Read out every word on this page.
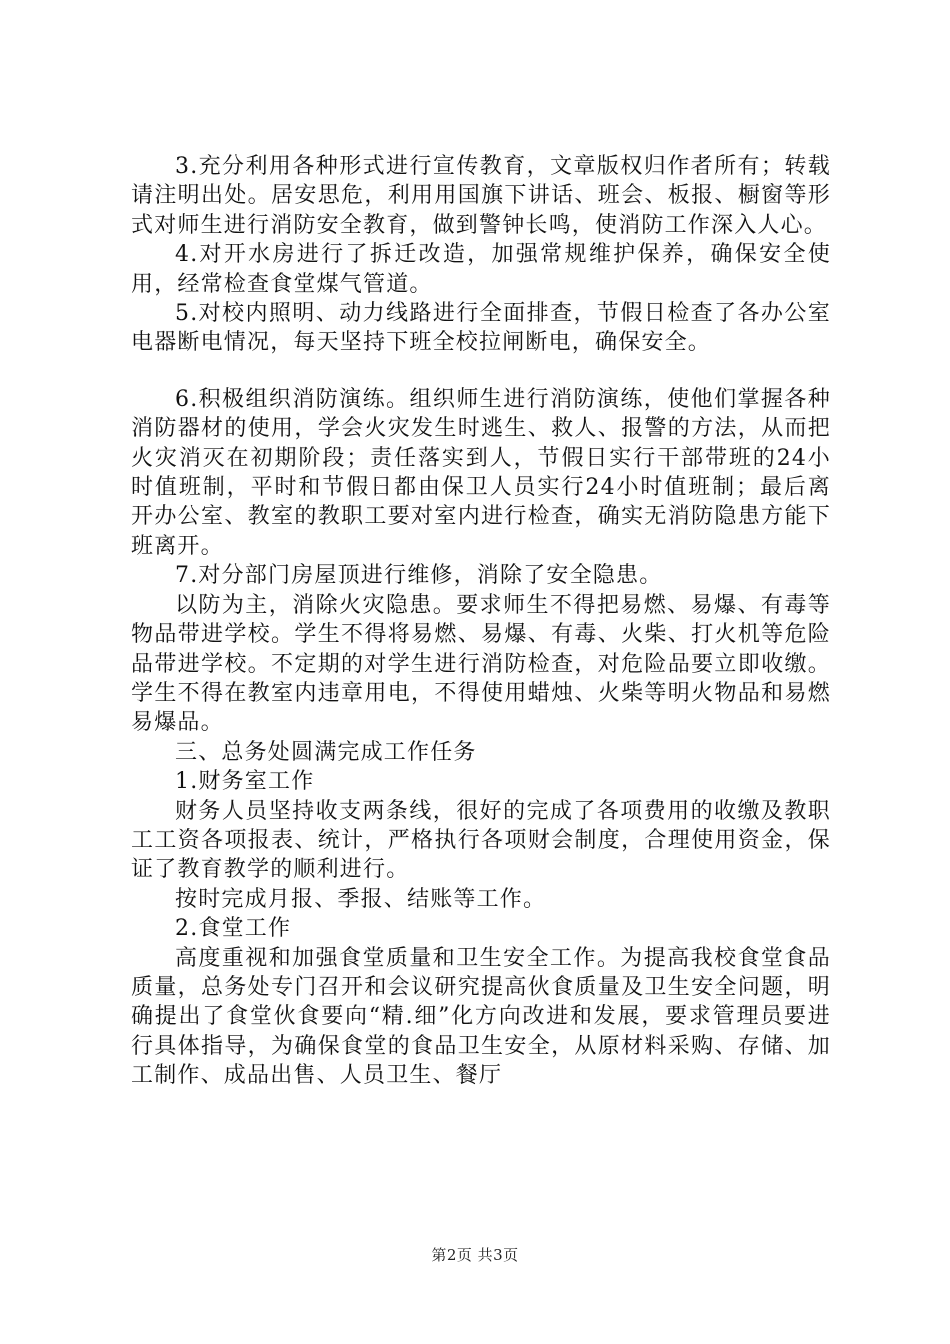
3.充分利用各种形式进行宣传教育，文章版权归作者所有；转载请注明出处。居安思危，利用用国旗下讲话、班会、板报、橱窗等形式对师生进行消防安全教育，做到警钟长鸣，使消防工作深入人心。

4.对开水房进行了拆迁改造，加强常规维护保养，确保安全使用，经常检查食堂煤气管道。

5.对校内照明、动力线路进行全面排查，节假日检查了各办公室电器断电情况，每天坚持下班全校拉闸断电，确保安全。

6.积极组织消防演练。组织师生进行消防演练，使他们掌握各种消防器材的使用，学会火灾发生时逃生、救人、报警的方法，从而把火灾消灭在初期阶段；责任落实到人，节假日实行干部带班的24小时值班制，平时和节假日都由保卫人员实行24小时值班制；最后离开办公室、教室的教职工要对室内进行检查，确实无消防隐患方能下班离开。

7.对分部门房屋顶进行维修，消除了安全隐患。

以防为主，消除火灾隐患。要求师生不得把易燃、易爆、有毒等物品带进学校。学生不得将易燃、易爆、有毒、火柴、打火机等危险品带进学校。不定期的对学生进行消防检查，对危险品要立即收缴。学生不得在教室内违章用电，不得使用蜡烛、火柴等明火物品和易燃易爆品。

三、总务处圆满完成工作任务

1.财务室工作

财务人员坚持收支两条线，很好的完成了各项费用的收缴及教职工工资各项报表、统计，严格执行各项财会制度，合理使用资金，保证了教育教学的顺利进行。

按时完成月报、季报、结账等工作。

2.食堂工作

高度重视和加强食堂质量和卫生安全工作。为提高我校食堂食品质量，总务处专门召开和会议研究提高伙食质量及卫生安全问题，明确提出了食堂伙食要向“精.细”化方向改进和发展，要求管理员要进行具体指导，为确保食堂的食品卫生安全，从原材料采购、存储、加工制作、成品出售、人员卫生、餐厅

第2页 共3页
